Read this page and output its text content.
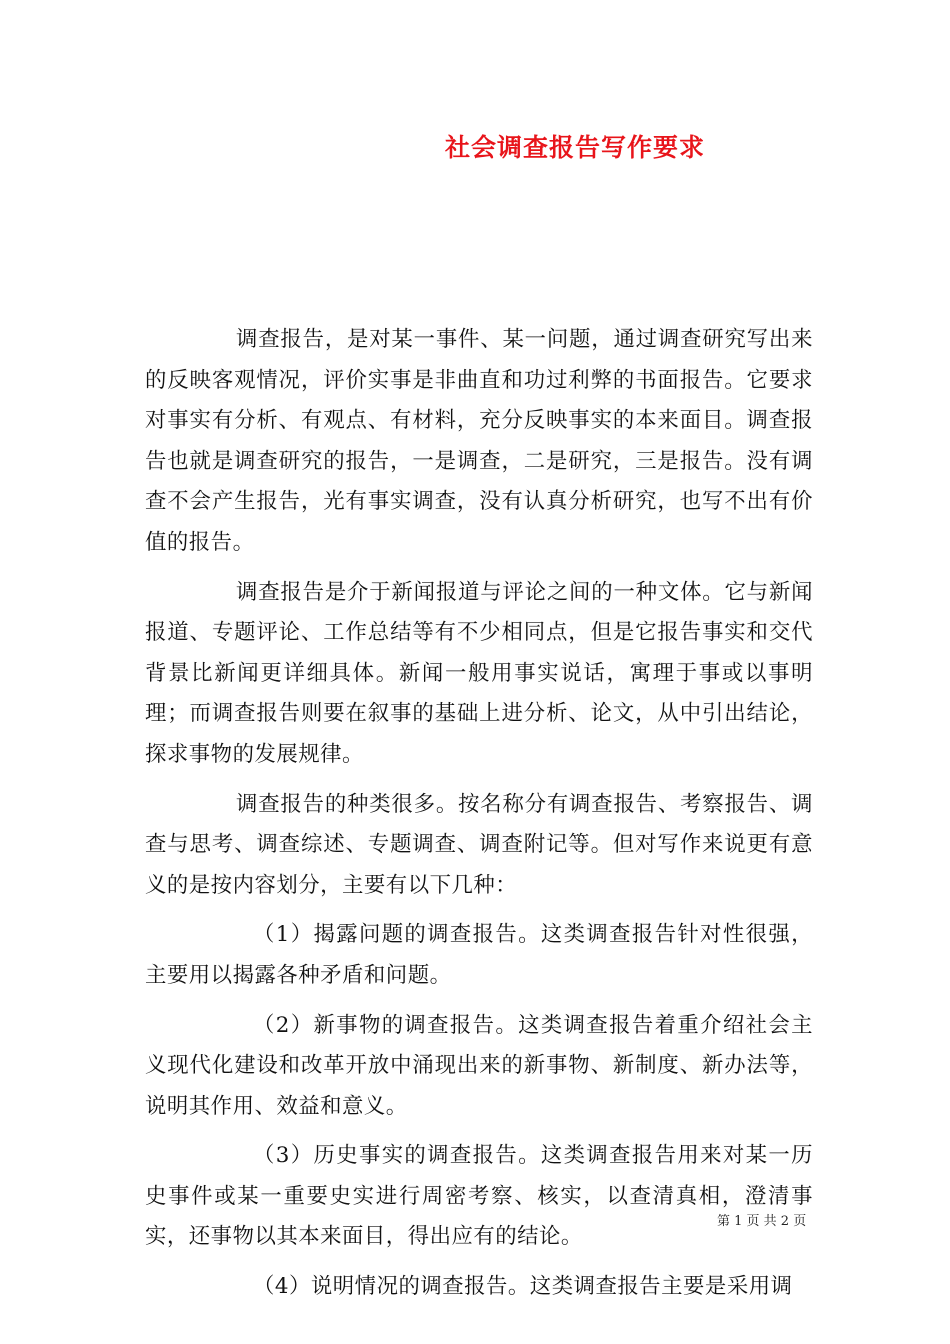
社会调查报告写作要求

调查报告，是对某一事件、某一问题，通过调查研究写出来的反映客观情况，评价实事是非曲直和功过利弊的书面报告。它要求对事实有分析、有观点、有材料，充分反映事实的本来面目。调查报告也就是调查研究的报告，一是调查，二是研究，三是报告。没有调查不会产生报告，光有事实调查，没有认真分析研究，也写不出有价值的报告。

调查报告是介于新闻报道与评论之间的一种文体。它与新闻报道、专题评论、工作总结等有不少相同点，但是它报告事实和交代背景比新闻更详细具体。新闻一般用事实说话，寓理于事或以事明理；而调查报告则要在叙事的基础上进分析、论文，从中引出结论，探求事物的发展规律。

调查报告的种类很多。按名称分有调查报告、考察报告、调查与思考、调查综述、专题调查、调查附记等。但对写作来说更有意义的是按内容划分，主要有以下几种：

（1）揭露问题的调查报告。这类调查报告针对性很强，主要用以揭露各种矛盾和问题。

（2）新事物的调查报告。这类调查报告着重介绍社会主义现代化建设和改革开放中涌现出来的新事物、新制度、新办法等，说明其作用、效益和意义。

（3）历史事实的调查报告。这类调查报告用来对某一历史事件或某一重要史实进行周密考察、核实，以查清真相，澄清事实，还事物以其本来面目，得出应有的结论。

（4）说明情况的调查报告。这类调查报告主要是采用调

第 1 页 共 2 页
